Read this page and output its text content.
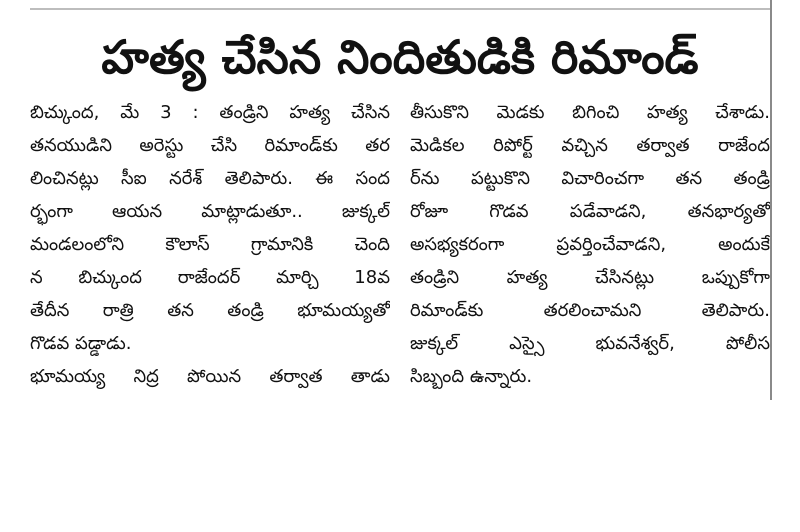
హత్య చేసిన నిందితుడికి రిమాండ్
బిచ్కుంద, మే 3 : తండ్రిని హత్య చేసిన
తనయుడిని అరెస్టు చేసి రిమాండ్‌కు తర
లించినట్లు సీఐ నరేశ్ తెలిపారు. ఈ సంద
ర్భంగా ఆయన మాట్లాడుతూ.. జుక్కల్
మండలంలోని కౌలాస్ గ్రామానికి చెంది
న బిచ్కుంద రాజేందర్ మార్చి 18వ
తేదీన రాత్రి తన తండ్రి భూమయ్యతో
గొడవ పడ్డాడు.
భూమయ్య నిద్ర పోయిన తర్వాత తాడు
తీసుకొని మెడకు బిగించి హత్య చేశాడు.
మెడికల రిపోర్ట్ వచ్చిన తర్వాత రాజేంద
ర్‌ను పట్టుకొని విచారించగా తన తండ్రి
రోజూ గొడవ పడేవాడని, తనభార్యతో
అసభ్యకరంగా ప్రవర్తించేవాడని, అందుకే
తండ్రిని హత్య చేసినట్లు ఒప్పుకోగా
రిమాండ్‌కు తరలించామని తెలిపారు.
జుక్కల్ ఎస్సై భువనేశ్వర్, పోలీస
సిబ్బంది ఉన్నారు.
